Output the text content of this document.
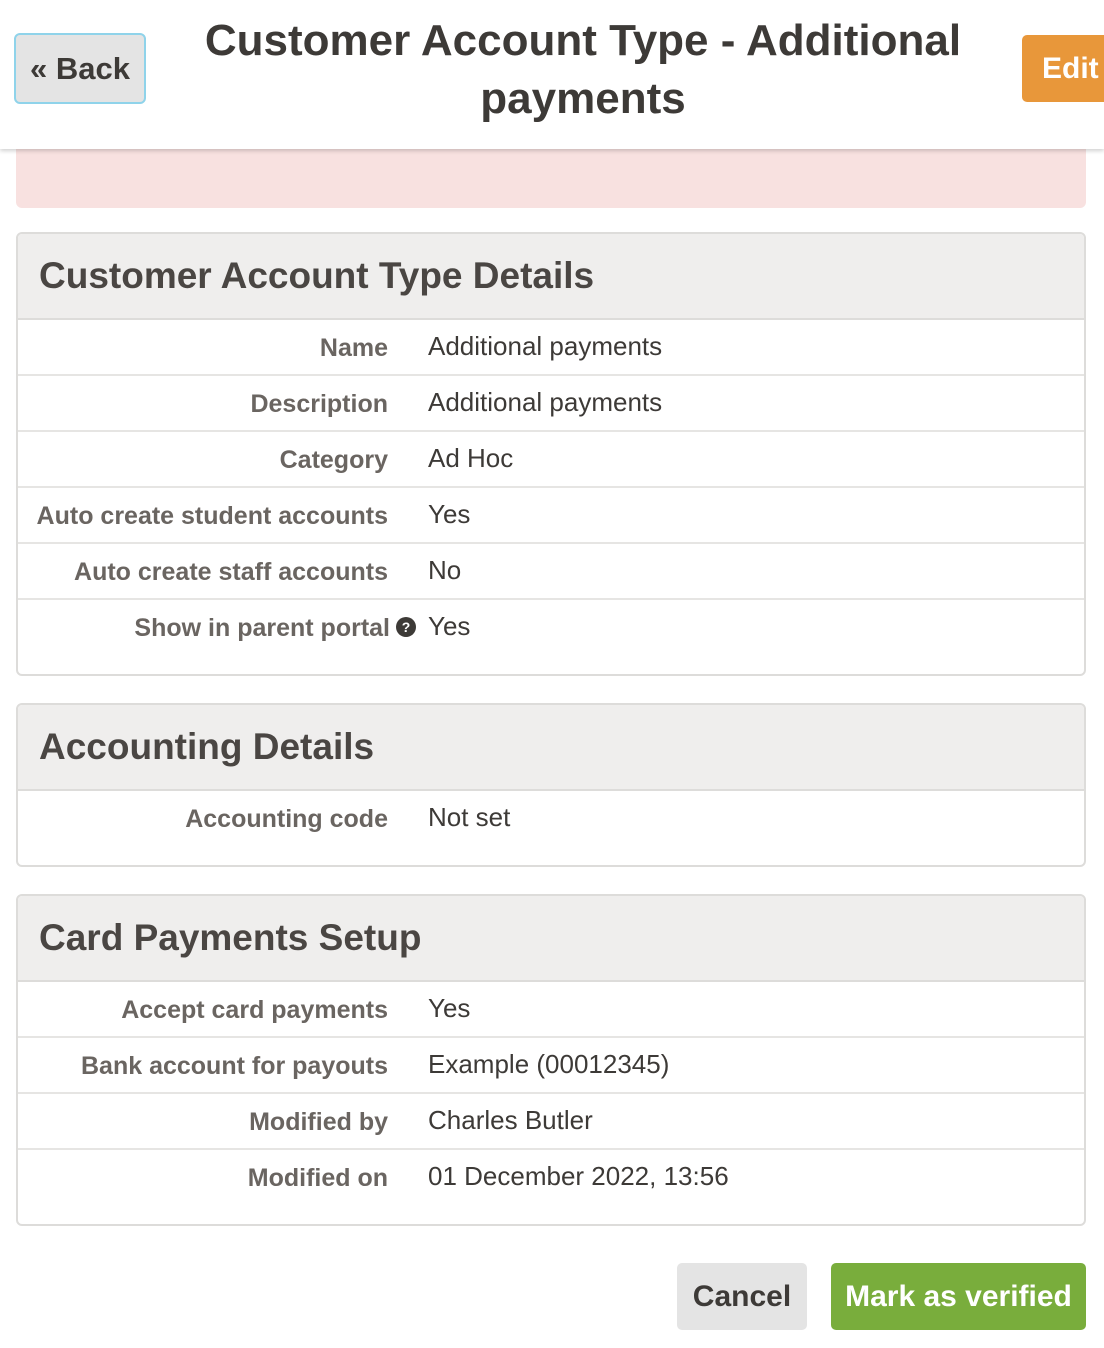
« Back
Customer Account Type - Additional payments
Edit
Customer Account Type Details
Name	Additional payments
Description	Additional payments
Category	Ad Hoc
Auto create student accounts	Yes
Auto create staff accounts	No
Show in parent portal ? Yes
Accounting Details
Accounting code	Not set
Card Payments Setup
Accept card payments	Yes
Bank account for payouts	Example (00012345)
Modified by	Charles Butler
Modified on	01 December 2022, 13:56
Cancel	Mark as verified
